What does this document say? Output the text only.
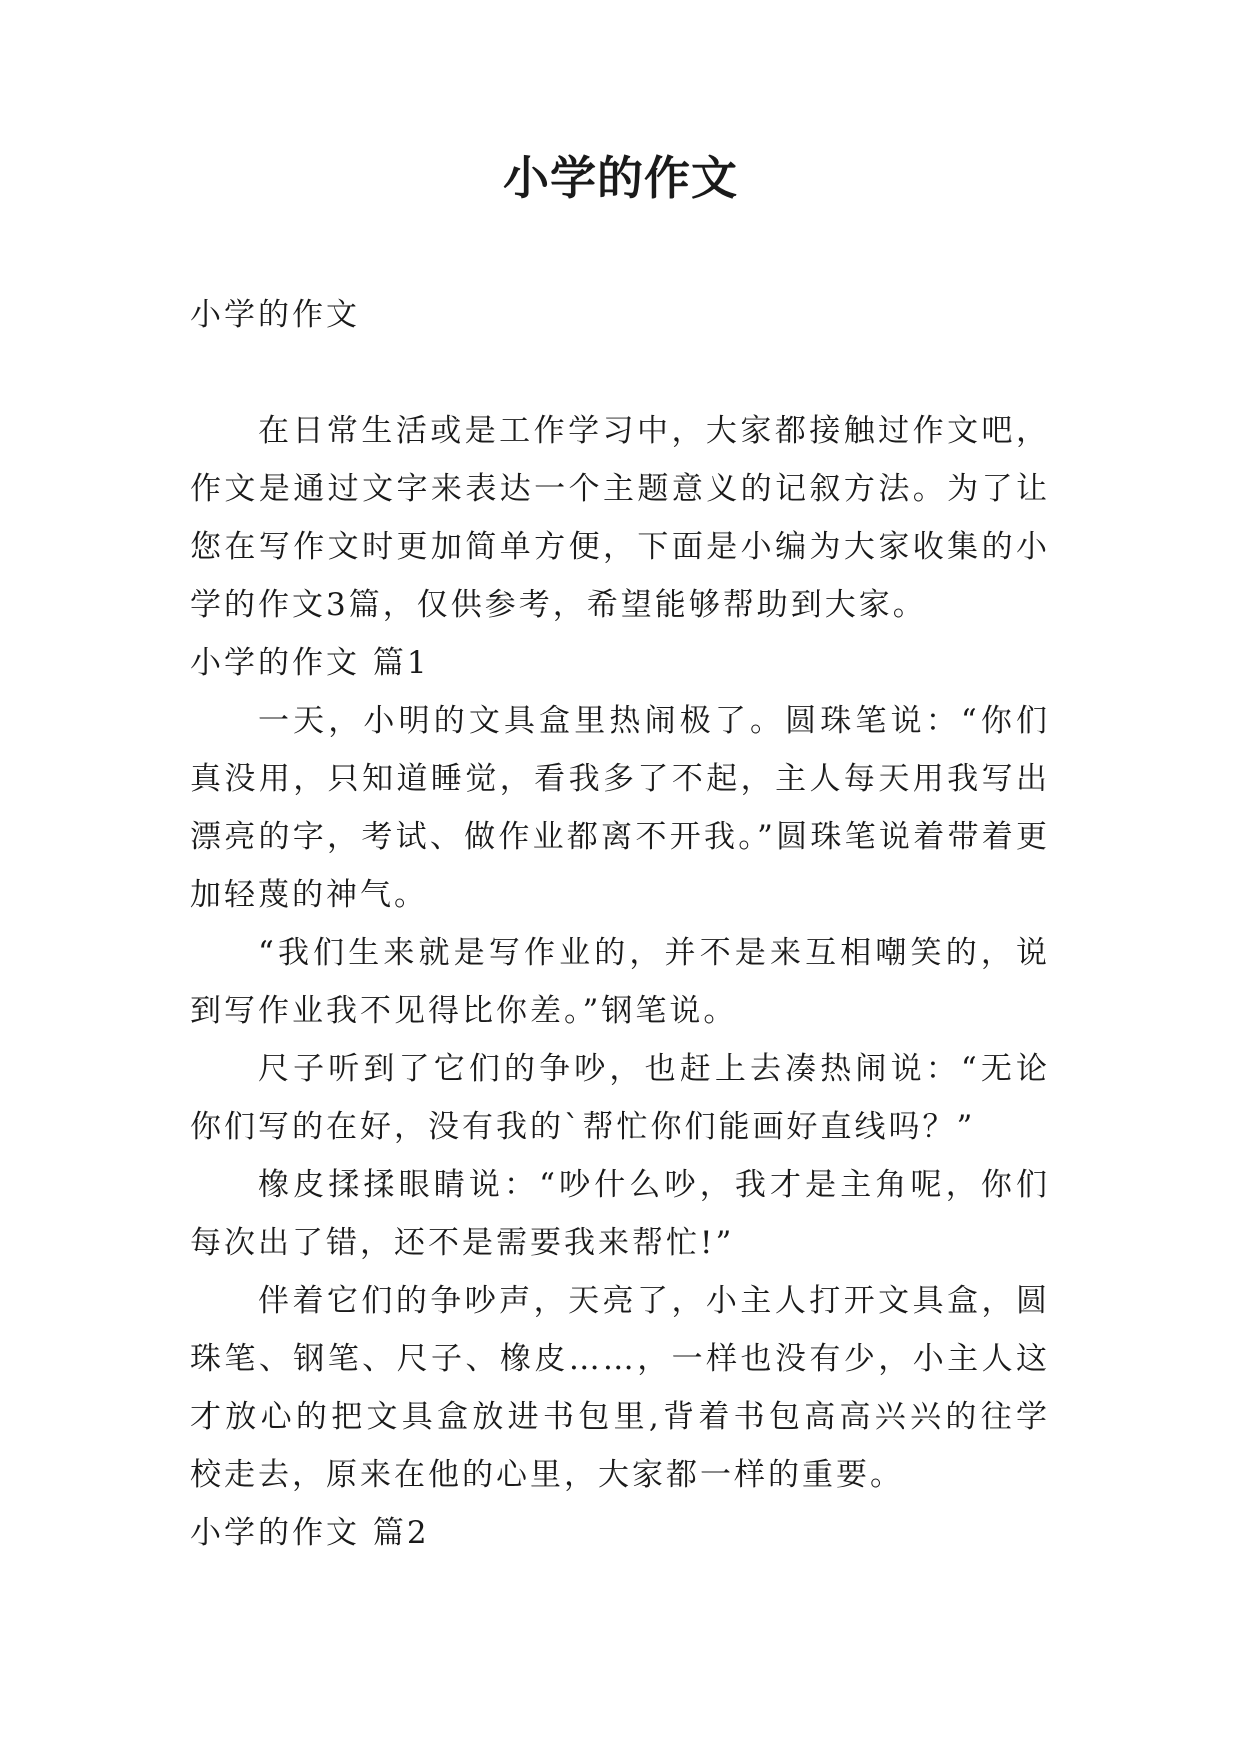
小学的作文

小学的作文

在日常生活或是工作学习中，大家都接触过作文吧，作文是通过文字来表达一个主题意义的记叙方法。为了让您在写作文时更加简单方便，下面是小编为大家收集的小学的作文3篇，仅供参考，希望能够帮助到大家。

小学的作文 篇1

一天，小明的文具盒里热闹极了。圆珠笔说：“你们真没用，只知道睡觉，看我多了不起，主人每天用我写出漂亮的字，考试、做作业都离不开我。”圆珠笔说着带着更加轻蔑的神气。

“我们生来就是写作业的，并不是来互相嘲笑的，说到写作业我不见得比你差。”钢笔说。

尺子听到了它们的争吵，也赶上去凑热闹说：“无论你们写的在好，没有我的`帮忙你们能画好直线吗？”

橡皮揉揉眼睛说：“吵什么吵，我才是主角呢，你们每次出了错，还不是需要我来帮忙!”

伴着它们的争吵声，天亮了，小主人打开文具盒，圆珠笔、钢笔、尺子、橡皮……，一样也没有少，小主人这才放心的把文具盒放进书包里,背着书包高高兴兴的往学校走去，原来在他的心里，大家都一样的重要。

小学的作文 篇2
